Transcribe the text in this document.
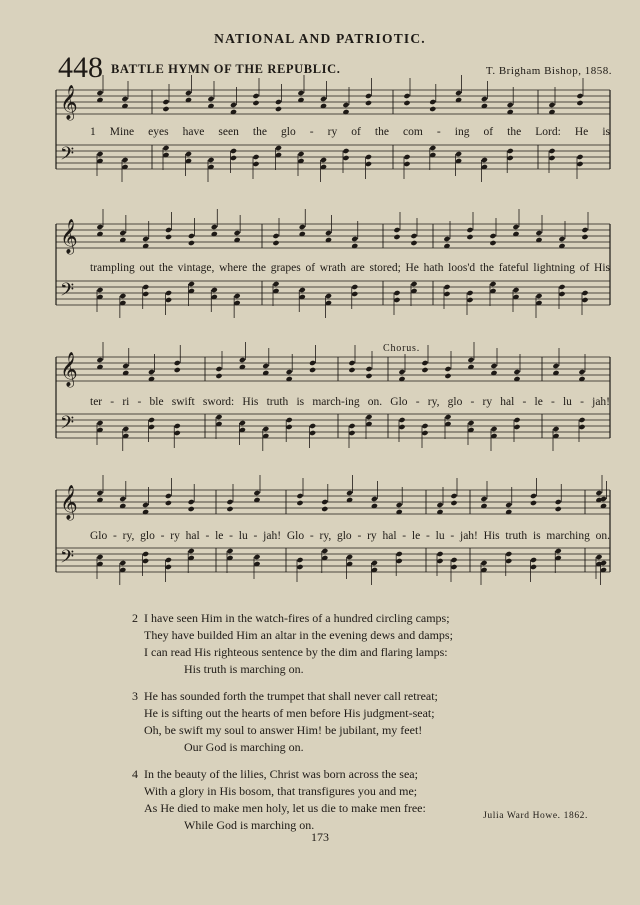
NATIONAL AND PATRIOTIC.
448 BATTLE HYMN OF THE REPUBLIC.	T. Brigham Bishop, 1858.
𝄞
𝄢
𝄞
𝄢
𝄞
𝄢
𝄞
𝄢
1 Mine eyes have seen the glo - ry of the com - ing of the Lord: He is
trampling out the vintage, where the grapes of wrath are stored; He hath loos'd the fateful lightning of His
Chorus.
ter - ri - ble swift sword: His truth is march-ing on. Glo - ry, glo - ry hal - le - lu - jah!
Glo - ry, glo - ry hal - le - lu - jah! Glo - ry, glo - ry hal - le - lu - jah! His truth is marching on.
2 I have seen Him in the watch-fires of a hundred circling camps;
They have builded Him an altar in the evening dews and damps;
I can read His righteous sentence by the dim and flaring lamps:
His truth is marching on.
3 He has sounded forth the trumpet that shall never call retreat;
He is sifting out the hearts of men before His judgment-seat;
Oh, be swift my soul to answer Him! be jubilant, my feet!
Our God is marching on.
4 In the beauty of the lilies, Christ was born across the sea;
With a glory in His bosom, that transfigures you and me;
As He died to make men holy, let us die to make men free:
While God is marching on.
Julia Ward Howe. 1862.
173
